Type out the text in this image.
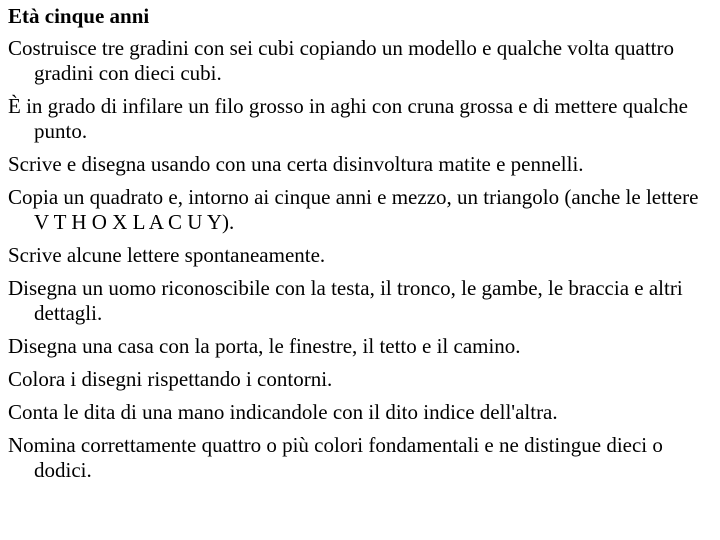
Età cinque anni
Costruisce tre gradini con sei cubi copiando un modello e qualche volta quattro gradini con dieci cubi.
È in grado di infilare un filo grosso in aghi con cruna grossa e di mettere qualche punto.
Scrive e disegna usando con una certa disinvoltura matite e pennelli.
Copia un quadrato e, intorno ai cinque anni e mezzo, un triangolo (anche le lettere V T H O X L A C U Y).
Scrive alcune lettere spontaneamente.
Disegna un uomo riconoscibile con la testa, il tronco, le gambe, le braccia e altri dettagli.
Disegna una casa con la porta, le finestre, il tetto e il camino.
Colora i disegni rispettando i contorni.
Conta le dita di una mano indicandole con il dito indice dell'altra.
Nomina correttamente quattro o più colori fondamentali e ne distingue dieci o dodici.
